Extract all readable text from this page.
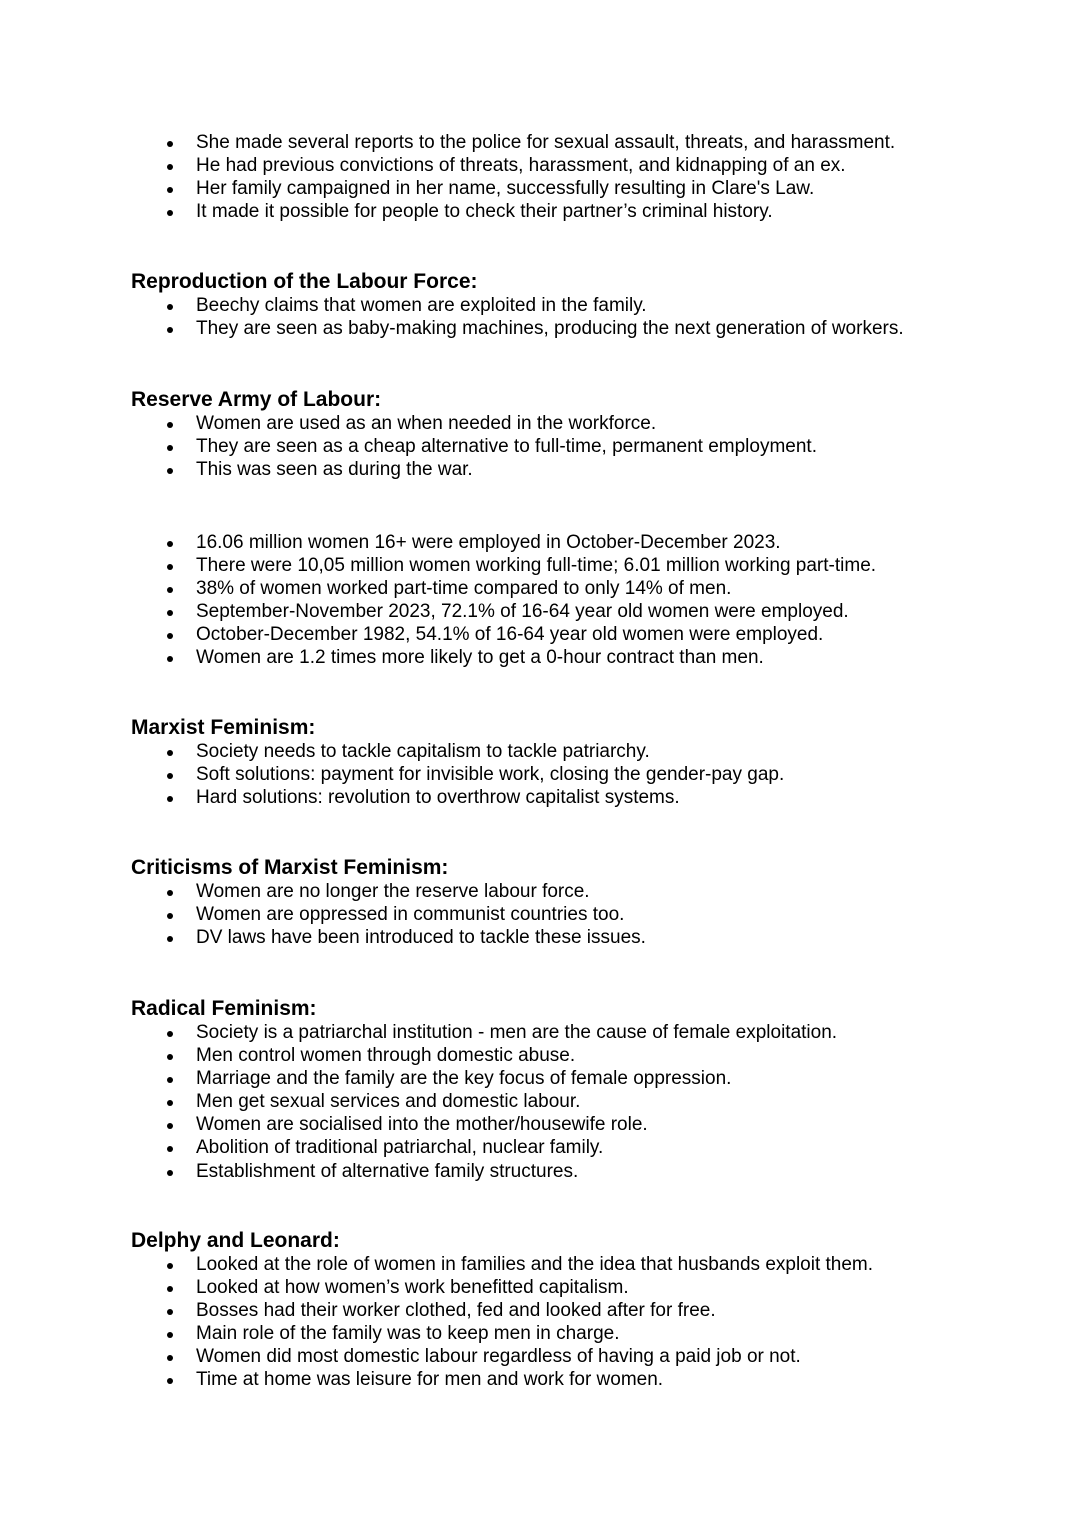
She made several reports to the police for sexual assault, threats, and harassment.
He had previous convictions of threats, harassment, and kidnapping of an ex.
Her family campaigned in her name, successfully resulting in Clare's Law.
It made it possible for people to check their partner’s criminal history.
Reproduction of the Labour Force:
Beechy claims that women are exploited in the family.
They are seen as baby-making machines, producing the next generation of workers.
Reserve Army of Labour:
Women are used as an when needed in the workforce.
They are seen as a cheap alternative to full-time, permanent employment.
This was seen as during the war.
16.06 million women 16+ were employed in October-December 2023.
There were 10,05 million women working full-time; 6.01 million working part-time.
38% of women worked part-time compared to only 14% of men.
September-November 2023, 72.1% of 16-64 year old women were employed.
October-December 1982, 54.1% of 16-64 year old women were employed.
Women are 1.2 times more likely to get a 0-hour contract than men.
Marxist Feminism:
Society needs to tackle capitalism to tackle patriarchy.
Soft solutions: payment for invisible work, closing the gender-pay gap.
Hard solutions: revolution to overthrow capitalist systems.
Criticisms of Marxist Feminism:
Women are no longer the reserve labour force.
Women are oppressed in communist countries too.
DV laws have been introduced to tackle these issues.
Radical Feminism:
Society is a patriarchal institution - men are the cause of female exploitation.
Men control women through domestic abuse.
Marriage and the family are the key focus of female oppression.
Men get sexual services and domestic labour.
Women are socialised into the mother/housewife role.
Abolition of traditional patriarchal, nuclear family.
Establishment of alternative family structures.
Delphy and Leonard:
Looked at the role of women in families and the idea that husbands exploit them.
Looked at how women’s work benefitted capitalism.
Bosses had their worker clothed, fed and looked after for free.
Main role of the family was to keep men in charge.
Women did most domestic labour regardless of having a paid job or not.
Time at home was leisure for men and work for women.
